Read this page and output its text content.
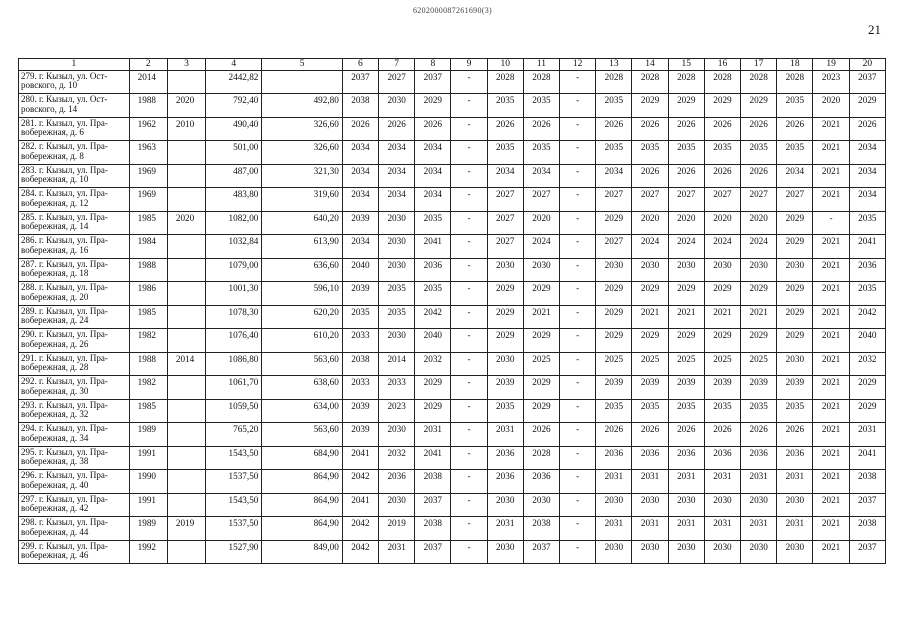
6202000087261690(3)
21
1	2	3	4	5	6	7	8	9	10	11	12	13	14	15	16	17	18	19	20
279. г. Кызыл, ул. Ост-ровского, д. 10	2014		2442,82		2037	2027	2037	-	2028	2028	-	2028	2028	2028	2028	2028	2028	2023	2037
280. г. Кызыл, ул. Ост-ровского, д. 14	1988	2020	792,40	492,80	2038	2030	2029	-	2035	2035	-	2035	2029	2029	2029	2029	2035	2020	2029
281. г. Кызыл, ул. Пра-вобережная, д. 6	1962	2010	490,40	326,60	2026	2026	2026	-	2026	2026	-	2026	2026	2026	2026	2026	2026	2021	2026
282. г. Кызыл, ул. Пра-вобережная, д. 8	1963		501,00	326,60	2034	2034	2034	-	2035	2035	-	2035	2035	2035	2035	2035	2035	2021	2034
283. г. Кызыл, ул. Пра-вобережная, д. 10	1969		487,00	321,30	2034	2034	2034	-	2034	2034	-	2034	2026	2026	2026	2026	2034	2021	2034
284. г. Кызыл, ул. Пра-вобережная, д. 12	1969		483,80	319,60	2034	2034	2034	-	2027	2027	-	2027	2027	2027	2027	2027	2027	2021	2034
285. г. Кызыл, ул. Пра-вобережная, д. 14	1985	2020	1082,00	640,20	2039	2030	2035	-	2027	2020	-	2029	2020	2020	2020	2020	2029	-	2035
286. г. Кызыл, ул. Пра-вобережная, д. 16	1984		1032,84	613,90	2034	2030	2041	-	2027	2024	-	2027	2024	2024	2024	2024	2029	2021	2041
287. г. Кызыл, ул. Пра-вобережная, д. 18	1988		1079,00	636,60	2040	2030	2036	-	2030	2030	-	2030	2030	2030	2030	2030	2030	2021	2036
288. г. Кызыл, ул. Пра-вобережная, д. 20	1986		1001,30	596,10	2039	2035	2035	-	2029	2029	-	2029	2029	2029	2029	2029	2029	2021	2035
289. г. Кызыл, ул. Пра-вобережная, д. 24	1985		1078,30	620,20	2035	2035	2042	-	2029	2021	-	2029	2021	2021	2021	2021	2029	2021	2042
290. г. Кызыл, ул. Пра-вобережная, д. 26	1982		1076,40	610,20	2033	2030	2040	-	2029	2029	-	2029	2029	2029	2029	2029	2029	2021	2040
291. г. Кызыл, ул. Пра-вобережная, д. 28	1988	2014	1086,80	563,60	2038	2014	2032	-	2030	2025	-	2025	2025	2025	2025	2025	2030	2021	2032
292. г. Кызыл, ул. Пра-вобережная, д. 30	1982		1061,70	638,60	2033	2033	2029	-	2039	2029	-	2039	2039	2039	2039	2039	2039	2021	2029
293. г. Кызыл, ул. Пра-вобережная, д. 32	1985		1059,50	634,00	2039	2023	2029	-	2035	2029	-	2035	2035	2035	2035	2035	2035	2021	2029
294. г. Кызыл, ул. Пра-вобережная, д. 34	1989		765,20	563,60	2039	2030	2031	-	2031	2026	-	2026	2026	2026	2026	2026	2026	2021	2031
295. г. Кызыл, ул. Пра-вобережная, д. 38	1991		1543,50	684,90	2041	2032	2041	-	2036	2028	-	2036	2036	2036	2036	2036	2036	2021	2041
296. г. Кызыл, ул. Пра-вобережная, д. 40	1990		1537,50	864,90	2042	2036	2038	-	2036	2036	-	2031	2031	2031	2031	2031	2031	2021	2038
297. г. Кызыл, ул. Пра-вобережная, д. 42	1991		1543,50	864,90	2041	2030	2037	-	2030	2030	-	2030	2030	2030	2030	2030	2030	2021	2037
298. г. Кызыл, ул. Пра-вобережная, д. 44	1989	2019	1537,50	864,90	2042	2019	2038	-	2031	2038	-	2031	2031	2031	2031	2031	2031	2021	2038
299. г. Кызыл, ул. Пра-вобережная, д. 46	1992		1527,90	849,00	2042	2031	2037	-	2030	2037	-	2030	2030	2030	2030	2030	2030	2021	2037
